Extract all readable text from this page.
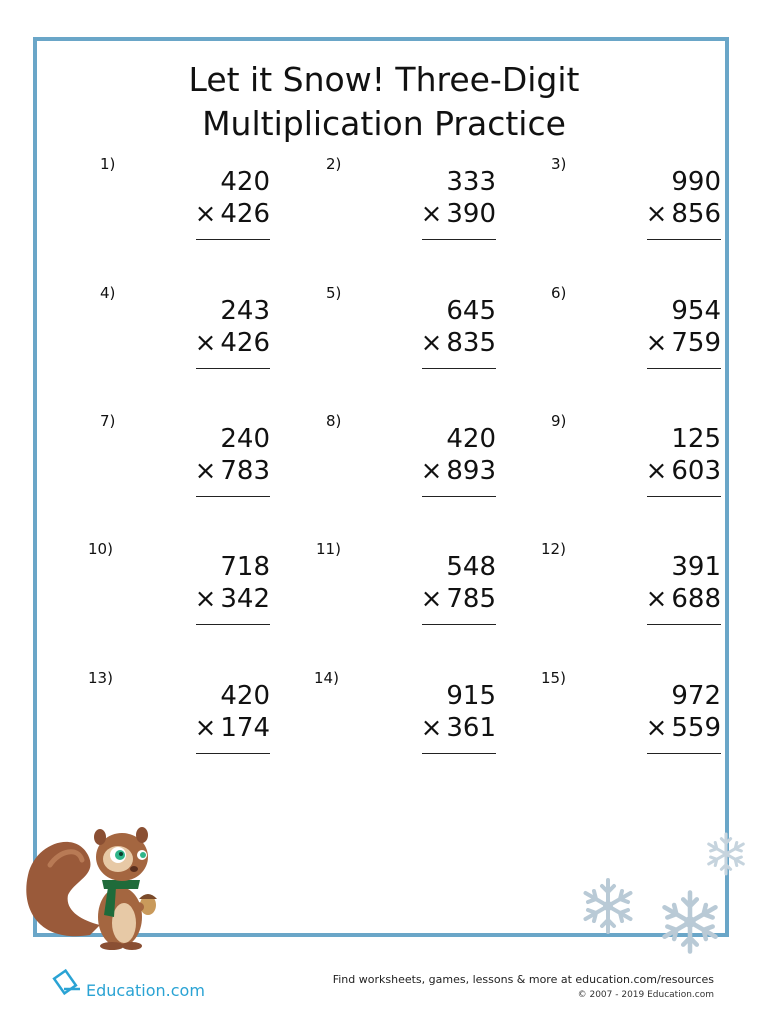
Let it Snow! Three-Digit
Multiplication Practice
1)
420
× 426
2)
333
× 390
3)
990
× 856
4)
243
× 426
5)
645
× 835
6)
954
× 759
7)
240
× 783
8)
420
× 893
9)
125
× 603
10)
718
× 342
11)
548
× 785
12)
391
× 688
13)
420
× 174
14)
915
× 361
15)
972
× 559
Education.com
Find worksheets, games, lessons & more at education.com/resources
© 2007 - 2019 Education.com
